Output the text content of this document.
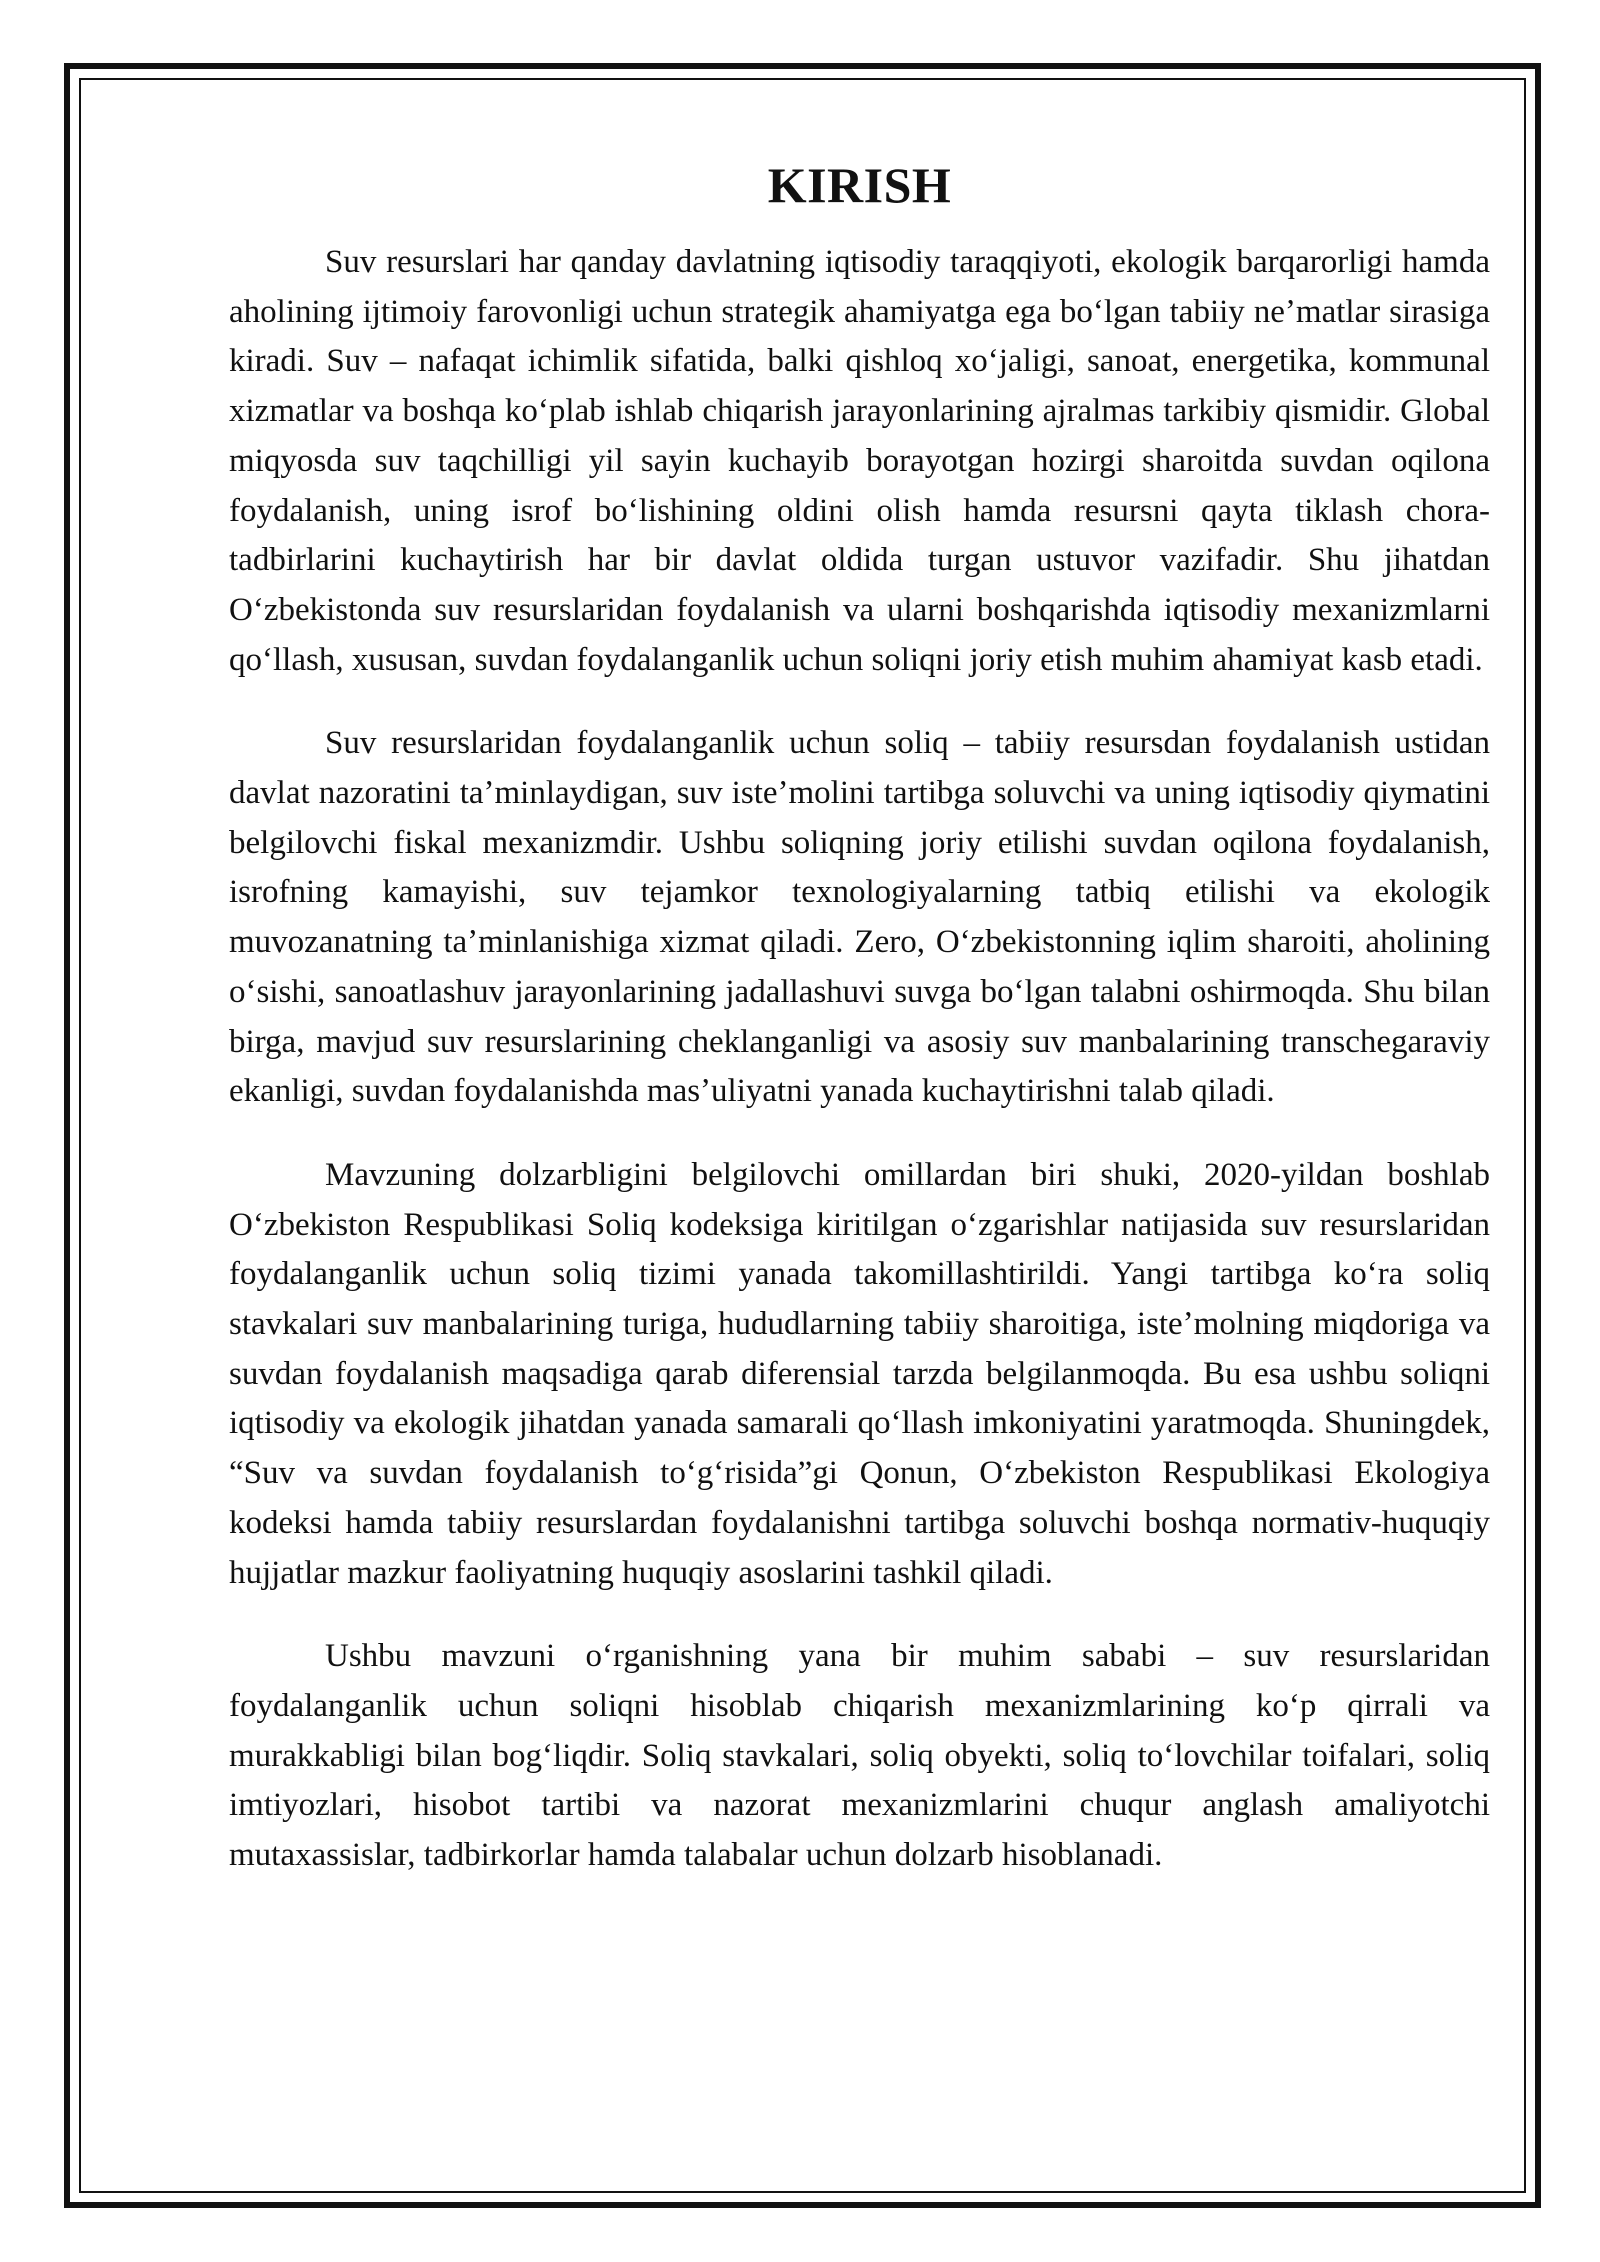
KIRISH

Suv resurslari har qanday davlatning iqtisodiy taraqqiyoti, ekologik barqarorligi hamda aholining ijtimoiy farovonligi uchun strategik ahamiyatga ega boʻlgan tabiiy neʼmatlar sirasiga kiradi. Suv – nafaqat ichimlik sifatida, balki qishloq xoʻjaligi, sanoat, energetika, kommunal xizmatlar va boshqa koʻplab ishlab chiqarish jarayonlarining ajralmas tarkibiy qismidir. Global miqyosda suv taqchilligi yil sayin kuchayib borayotgan hozirgi sharoitda suvdan oqilona foydalanish, uning isrof boʻlishining oldini olish hamda resursni qayta tiklash chora-tadbirlarini kuchaytirish har bir davlat oldida turgan ustuvor vazifadir. Shu jihatdan Oʻzbekistonda suv resurslaridan foydalanish va ularni boshqarishda iqtisodiy mexanizmlarni qoʻllash, xususan, suvdan foydalanganlik uchun soliqni joriy etish muhim ahamiyat kasb etadi.

Suv resurslaridan foydalanganlik uchun soliq – tabiiy resursdan foydalanish ustidan davlat nazoratini taʼminlaydigan, suv isteʼmolini tartibga soluvchi va uning iqtisodiy qiymatini belgilovchi fiskal mexanizmdir. Ushbu soliqning joriy etilishi suvdan oqilona foydalanish, isrofning kamayishi, suv tejamkor texnologiyalarning tatbiq etilishi va ekologik muvozanatning taʼminlanishiga xizmat qiladi. Zero, Oʻzbekistonning iqlim sharoiti, aholining oʻsishi, sanoatlashuv jarayonlarining jadallashuvi suvga boʻlgan talabni oshirmoqda. Shu bilan birga, mavjud suv resurslarining cheklanganligi va asosiy suv manbalarining transchegaraviy ekanligi, suvdan foydalanishda masʼuliyatni yanada kuchaytirishni talab qiladi.

Mavzuning dolzarbligini belgilovchi omillardan biri shuki, 2020-yildan boshlab Oʻzbekiston Respublikasi Soliq kodeksiga kiritilgan oʻzgarishlar natijasida suv resurslaridan foydalanganlik uchun soliq tizimi yanada takomillashtirildi. Yangi tartibga koʻra soliq stavkalari suv manbalarining turiga, hududlarning tabiiy sharoitiga, isteʼmolning miqdoriga va suvdan foydalanish maqsadiga qarab diferensial tarzda belgilanmoqda. Bu esa ushbu soliqni iqtisodiy va ekologik jihatdan yanada samarali qoʻllash imkoniyatini yaratmoqda. Shuningdek, “Suv va suvdan foydalanish toʻgʻrisida”gi Qonun, Oʻzbekiston Respublikasi Ekologiya kodeksi hamda tabiiy resurslardan foydalanishni tartibga soluvchi boshqa normativ-huquqiy hujjatlar mazkur faoliyatning huquqiy asoslarini tashkil qiladi.

Ushbu mavzuni oʻrganishning yana bir muhim sababi – suv resurslaridan foydalanganlik uchun soliqni hisoblab chiqarish mexanizmlarining koʻp qirrali va murakkabligi bilan bogʻliqdir. Soliq stavkalari, soliq obyekti, soliq toʻlovchilar toifalari, soliq imtiyozlari, hisobot tartibi va nazorat mexanizmlarini chuqur anglash amaliyotchi mutaxassislar, tadbirkorlar hamda talabalar uchun dolzarb hisoblanadi.
